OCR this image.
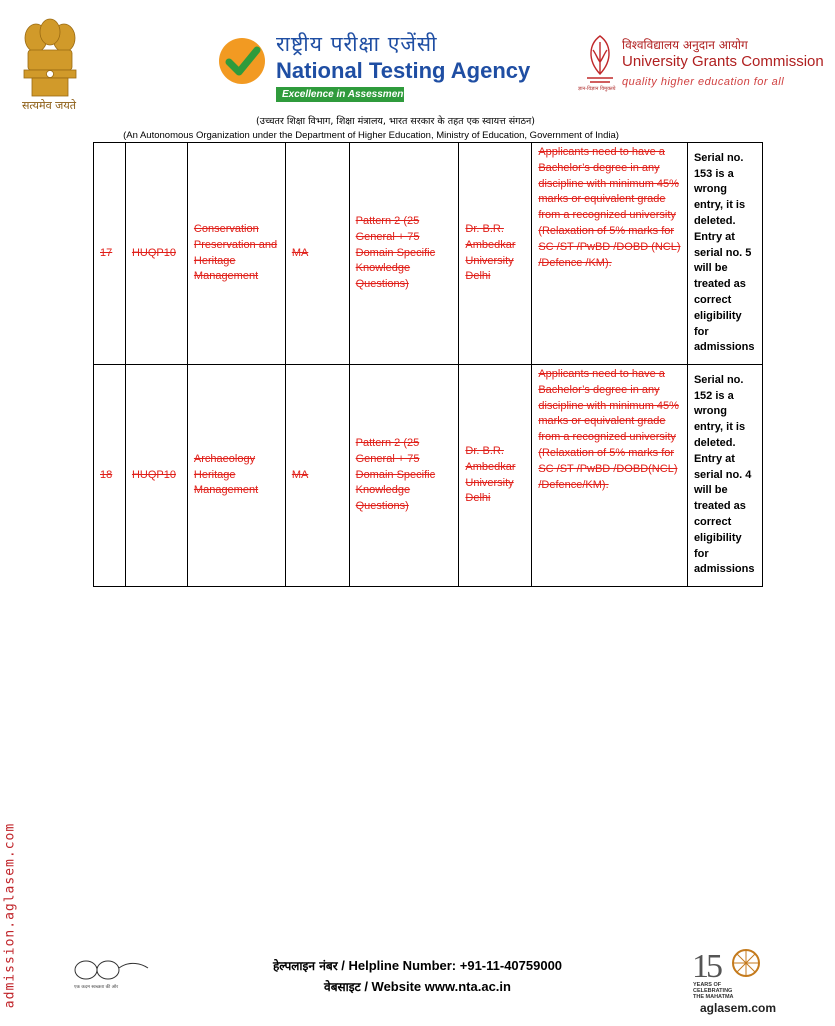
सत्यमेव जयते
राष्ट्रीय परीक्षा एजेंसी
National Testing Agency
Excellence in Assessment	ज्ञान-विज्ञान विमुक्तये
विश्वविद्यालय अनुदान आयोग
University Grants Commission
quality higher education for all
(उच्चतर शिक्षा विभाग, शिक्षा मंत्रालय, भारत सरकार के तहत एक स्वायत्त संगठन)
(An Autonomous Organization under the Department of Higher Education, Ministry of Education, Government of India)
17	HUQP10	Conservation Preservation and Heritage Management	MA	Pattern 2 (25 General + 75 Domain Specific Knowledge Questions)	Dr. B.R. Ambedkar University Delhi	Applicants need to have a Bachelor’s degree in any discipline with minimum 45% marks or equivalent grade from a recognized university (Relaxation of 5% marks for SC /ST /PwBD /DOBD (NCL) /Defence /KM).	Serial no. 153 is a wrong entry, it is deleted. Entry at serial no. 5 will be treated as correct eligibility for admissions
18	HUQP10	Archaeology Heritage Management	MA	Pattern 2 (25 General + 75 Domain Specific Knowledge Questions)	Dr. B.R. Ambedkar University Delhi	Applicants need to have a Bachelor’s degree in any discipline with minimum 45% marks or equivalent grade from a recognized university (Relaxation of 5% marks for SC /ST /PwBD /DOBD(NCL) /Defence/KM).	Serial no. 152 is a wrong entry, it is deleted. Entry at serial no. 4 will be treated as correct eligibility for admissions
admission.aglasem.com	एक कदम स्वच्छता की ओर
हेल्पलाइन नंबर / Helpline Number: +91-11-40759000
वेबसाइट / Website www.nta.ac.in
1
5
YEARS OF
CELEBRATING
THE MAHATMA
aglasem.com
